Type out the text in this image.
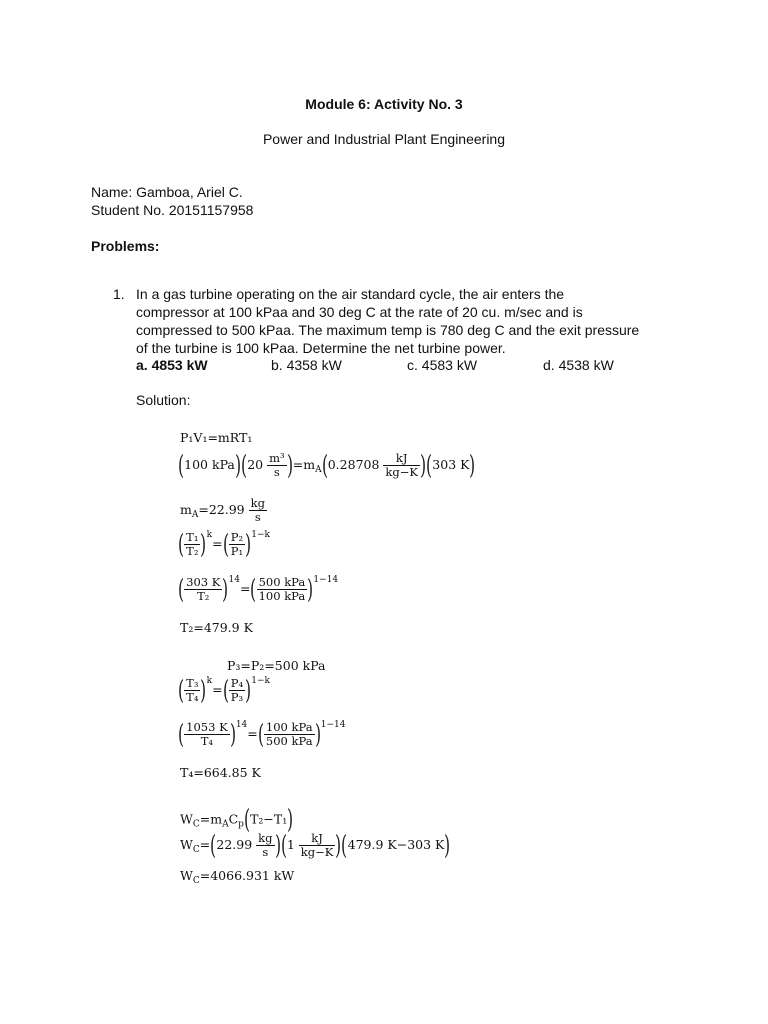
Module 6: Activity No. 3
Power and Industrial Plant Engineering
Name: Gamboa, Ariel C.
Student No. 20151157958
Problems:
1. In a gas turbine operating on the air standard cycle, the air enters the
compressor at 100 kPaa and 30 deg C at the rate of 20 cu. m/sec and is
compressed to 500 kPaa. The maximum temp is 780 deg C and the exit pressure
of the turbine is 100 kPaa. Determine the net turbine power.
a. 4853 kW	b. 4358 kW	c. 4583 kW	d. 4538 kW
Solution:
P₁V₁=mRT₁
(100 $kPa)(20 \frac{\text{m³}}{s} )=m_A(0.28708 \frac{kJ}{kg-K} )(303$ K)
$m_A=22.99 \frac{kg}{s}$
( $\frac{\text{T₁}}{\text{T₂}} )^k=( \frac{\text{P₂}}{\text{P₁}} )^{1-k}$
( $\frac{303 K}{\text{T₂}} )^{14}=( \frac{\text{500 kPa}}{\text{100 kPa}} )^{1-14}$
T₂=479.9 K
P₃=P₂=500 kPa
( $\frac{\text{T₃}}{\text{T₄}} )^k=( \frac{\text{P₄}}{\text{P₃}} )^{1-k}$
( $\frac{1053 K}{\text{T₄}} )^{14}=( \frac{\text{100 kPa}}{\text{500 kPa}} )^{1-14}$
T₄=664.85 K
$W_C=m_AC_p(T_2-T_1)$
$W_C=(22.99 \frac{kg}{s} )(1 \frac{kJ}{kg-K} )(479.9$ K−303 K)
$W_C=4066.931$ kW
